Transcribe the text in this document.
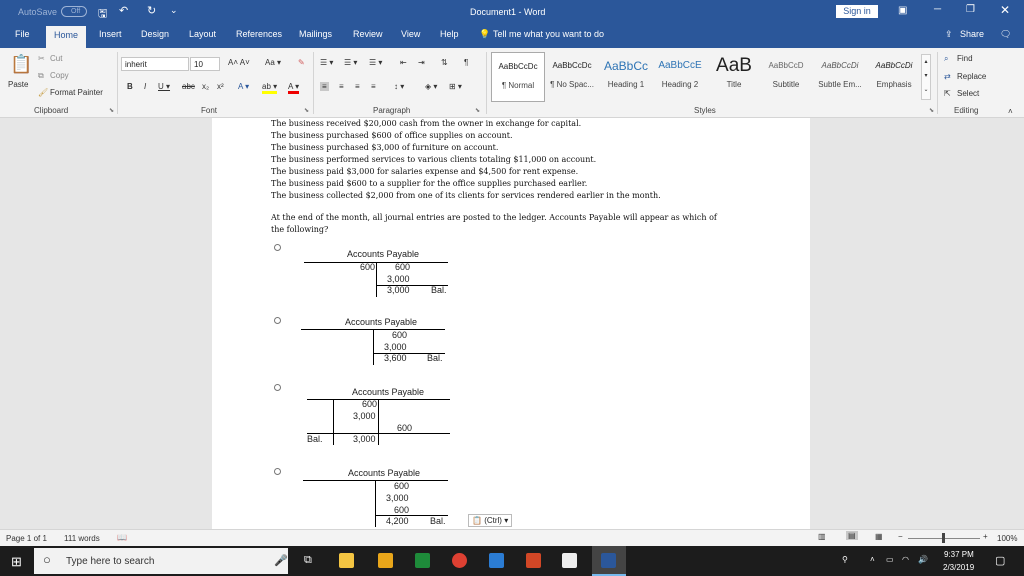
AutoSave	Off	🖫 ↶ ↻ ⌄	Document1 - Word	Sign in	▣	─ ❐ ✕
File	Home	Insert Design Layout References Mailings Review View Help 💡 Tell me what you want to do	⇪ Share 🗨
📋
Paste
✂ Cut
⧉ Copy
🖌 Format Painter
Clipboard	⬊
inherit	10	A˄ A˅ Aa ▾ ✎
B I U ▾ abc x₂ x² A ▾ ab ▾ A ▾
Font	⬊
☰ ▾ ☰ ▾ ☰ ▾ ⇤ ⇥ ⇅ ¶
≡ ≡ ≡ ≡ ↕ ▾	◈ ▾ ⊞ ▾
Paragraph	⬊
AaBbCcDc
¶ Normal
AaBbCcDc
¶ No Spac...
AaBbCc
Heading 1
AaBbCcE
Heading 2
AaB
Title
AaBbCcD
Subtitle
AaBbCcDi
Subtle Em...
AaBbCcDi
Emphasis
▴
▾
⌄
Styles	⬊
⌕ Find
⇄ Replace
⇱ Select
Editing	˄
The business received $20,000 cash from the owner in exchange for capital.
The business purchased $600 of office supplies on account.
The business purchased $3,000 of furniture on account.
The business performed services to various clients totaling $11,000 on account.
The business paid $3,000 for salaries expense and $4,500 for rent expense.
The business paid $600 to a supplier for the office supplies purchased earlier.
The business collected $2,000 from one of its clients for services rendered earlier in the month.
At the end of the month, all journal entries are posted to the ledger. Accounts Payable will appear as which of
the following?
Accounts Payable
600 600
3,000
3,000 Bal.
Accounts Payable
600
3,000
3,600 Bal.
Accounts Payable
600
3,000
600
Bal.	3,000
Accounts Payable
600
3,000
600
4,200 Bal.	📋 (Ctrl) ▾
Page 1 of 1 111 words 📖	▥	▤ ▦ −	+ 100%
⊞ ○ Type here to search	🎤 ⧉	⚲	˄ ▭ ◠ 🔊
9:37 PM
2/3/2019
▢
